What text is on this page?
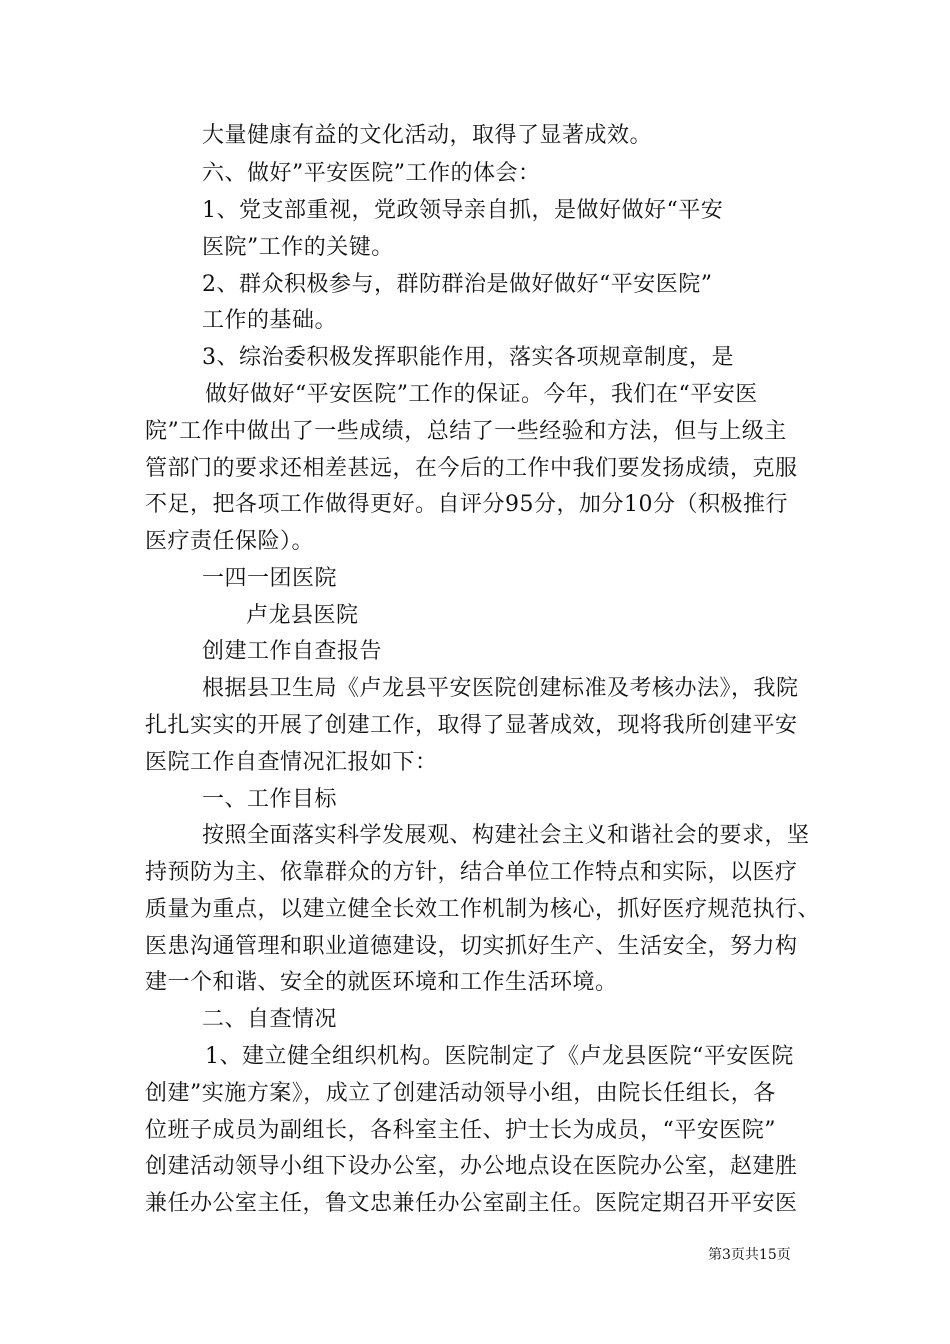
大量健康有益的文化活动，取得了显著成效。
六、做好”平安医院”工作的体会：
1、党支部重视，党政领导亲自抓，是做好做好“平安
医院”工作的关键。
2、群众积极参与，群防群治是做好做好“平安医院”
工作的基础。
3、综治委积极发挥职能作用，落实各项规章制度，是
做好做好“平安医院”工作的保证。今年，我们在“平安医
院”工作中做出了一些成绩，总结了一些经验和方法，但与上级主
管部门的要求还相差甚远，在今后的工作中我们要发扬成绩，克服
不足，把各项工作做得更好。自评分95分，加分10分（积极推行
医疗责任保险）。
一四一团医院
卢龙县医院
创建工作自查报告
根据县卫生局《卢龙县平安医院创建标准及考核办法》，我院
扎扎实实的开展了创建工作，取得了显著成效，现将我所创建平安
医院工作自查情况汇报如下：
一、工作目标
按照全面落实科学发展观、构建社会主义和谐社会的要求，坚
持预防为主、依靠群众的方针，结合单位工作特点和实际，以医疗
质量为重点，以建立健全长效工作机制为核心，抓好医疗规范执行、
医患沟通管理和职业道德建设，切实抓好生产、生活安全，努力构
建一个和谐、安全的就医环境和工作生活环境。
二、自查情况
1、建立健全组织机构。医院制定了《卢龙县医院“平安医院
创建”实施方案》，成立了创建活动领导小组，由院长任组长，各
位班子成员为副组长，各科室主任、护士长为成员，“平安医院”
创建活动领导小组下设办公室，办公地点设在医院办公室，赵建胜
兼任办公室主任，鲁文忠兼任办公室副主任。医院定期召开平安医
第3页共15页
